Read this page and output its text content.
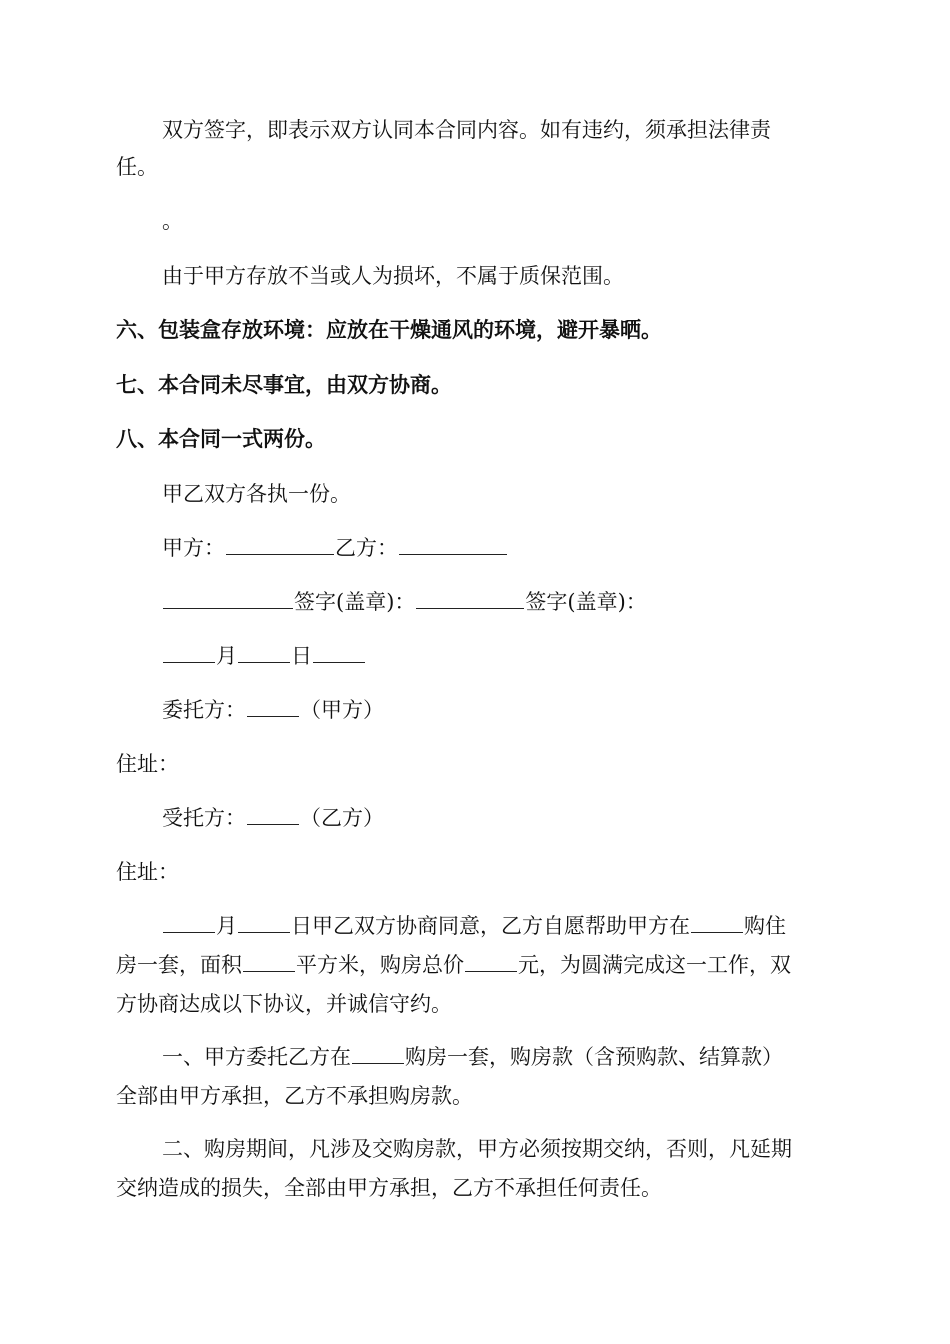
双方签字，即表示双方认同本合同内容。如有违约，须承担法律责
任。
。
由于甲方存放不当或人为损坏，不属于质保范围。
六、包装盒存放环境：应放在干燥通风的环境，避开暴晒。
七、本合同未尽事宜，由双方协商。
八、本合同一式两份。
甲乙双方各执一份。
甲方：	乙方：
签字(盖章)：	签字(盖章)：
月	日
委托方：	（甲方）
住址：
受托方：	（乙方）
住址：
月	日甲乙双方协商同意，乙方自愿帮助甲方在	购住
房一套，面积	平方米，购房总价	元，为圆满完成这一工作，双
方协商达成以下协议，并诚信守约。
一、甲方委托乙方在	购房一套，购房款（含预购款、结算款）
全部由甲方承担，乙方不承担购房款。
二、购房期间，凡涉及交购房款，甲方必须按期交纳，否则，凡延期
交纳造成的损失，全部由甲方承担，乙方不承担任何责任。
